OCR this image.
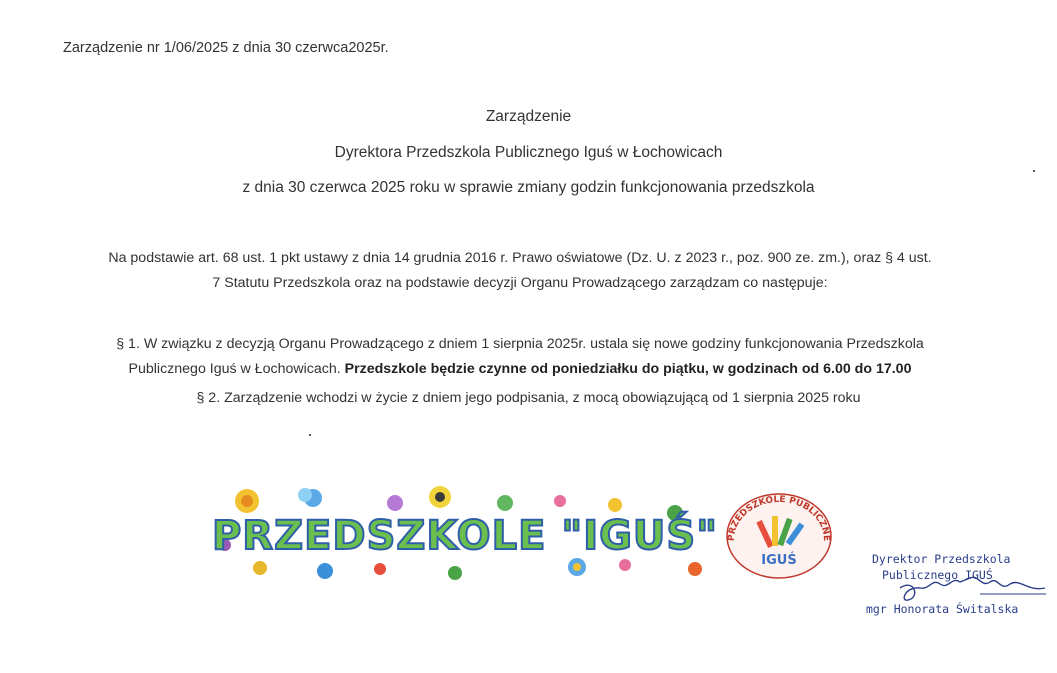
Zarządzenie nr 1/06/2025 z dnia 30 czerwca2025r.
Zarządzenie
Dyrektora Przedszkola Publicznego Iguś w Łochowicach
z dnia 30 czerwca 2025 roku w sprawie zmiany godzin funkcjonowania przedszkola
Na podstawie art. 68 ust. 1 pkt ustawy z dnia 14 grudnia 2016 r. Prawo oświatowe (Dz. U. z 2023 r., poz. 900 ze. zm.), oraz § 4 ust.
7 Statutu Przedszkola oraz na podstawie decyzji Organu Prowadzącego zarządzam co następuje:
§ 1. W związku z decyzją Organu Prowadzącego z dniem 1 sierpnia 2025r. ustala się nowe godziny funkcjonowania Przedszkola
Publicznego Iguś w Łochowicach. Przedszkole będzie czynne od poniedziałku do piątku, w godzinach od 6.00 do 17.00
§ 2. Zarządzenie wchodzi w życie z dniem jego podpisania, z mocą obowiązującą od 1 sierpnia 2025 roku
PRZEDSZKOLE "IGUŚ" PRZEDSZKOLE PUBLICZNE
IGUŚ	Dyrektor Przedszkola
Publicznego IGUŚ
mgr Honorata Świtalska
